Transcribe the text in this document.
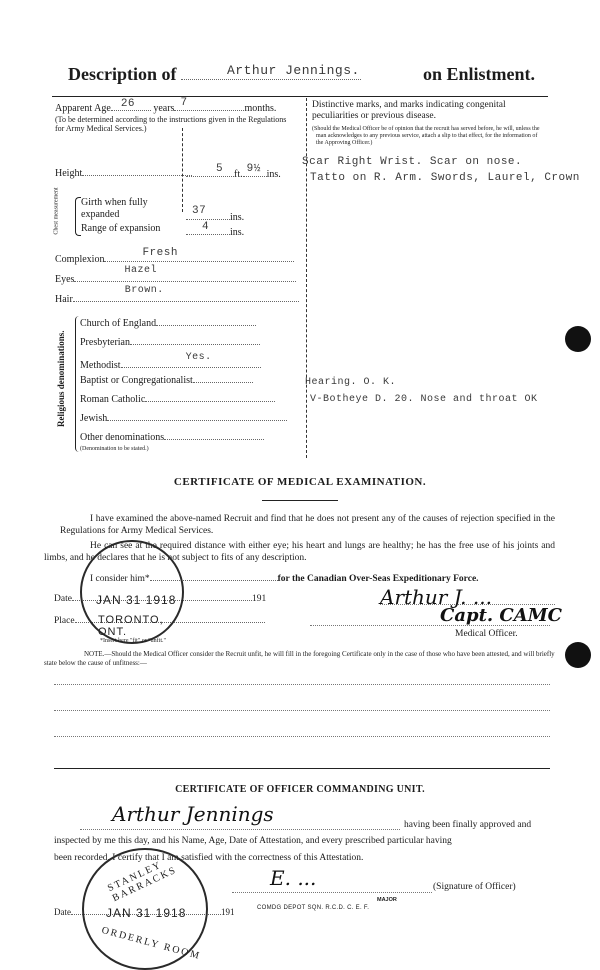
Description of	Arthur Jennings.	on Enlistment.
Apparent Age 26 years 7	months.
(To be determined according to the instructions given in the Regulations for Army Medical Services.)
Height	5 ft. 9½ ins.
Chest measurement Girth when fully expanded	37
ins.
Range of expansion	4 ins.
Complexion
Fresh
Eyes
Hazel
Hair
Brown.
Religious denominations.
Church of England
Presbyterian
Methodist
Yes.
Baptist or Congregationalist
Roman Catholic
Jewish
Other denominations
(Denomination to be stated.)
Distinctive marks, and marks indicating congenital peculiarities or previous disease.
(Should the Medical Officer be of opinion that the recruit has served before, he will, unless the man acknowledges to any previous service, attach a slip to that effect, for the information of the Approving Officer.)
Scar Right Wrist. Scar on nose.
Tatto on R. Arm. Swords, Laurel, Crown
Hearing. O. K.
V-Botheye D. 20. Nose and throat OK
CERTIFICATE OF MEDICAL EXAMINATION.
I have examined the above-named Recruit and find that he does not present any of the causes of rejection specified in the Regulations for Army Medical Services.
He can see at the required distance with either eye; his heart and lungs are healthy; he has the free use of his joints and limbs, and he declares that he is not subject to fits of any description.
I consider him*	for the Canadian Over-Seas Expeditionary Force.
Date	191
Place
Arthur J. ...
Capt. CAMC
Medical Officer.
JAN 31 1918
TORONTO, ONT.
*Insert here "fit" or "unfit."
NOTE.—Should the Medical Officer consider the Recruit unfit, he will fill in the foregoing Certificate only in the case of those who have been attested, and will briefly state below the cause of unfitness:—
CERTIFICATE OF OFFICER COMMANDING UNIT.
Arthur Jennings	having been finally approved and
inspected by me this day, and his Name, Age, Date of Attestation, and every prescribed particular having
been recorded, I certify that I am satisfied with the correctness of this Attestation.
E. ...	(Signature of Officer)
MAJOR
COMDG DEPOT SQN. R.C.D. C. E. F.
Date	191
STANLEY BARRACKS
JAN 31 1918
ORDERLY ROOM
